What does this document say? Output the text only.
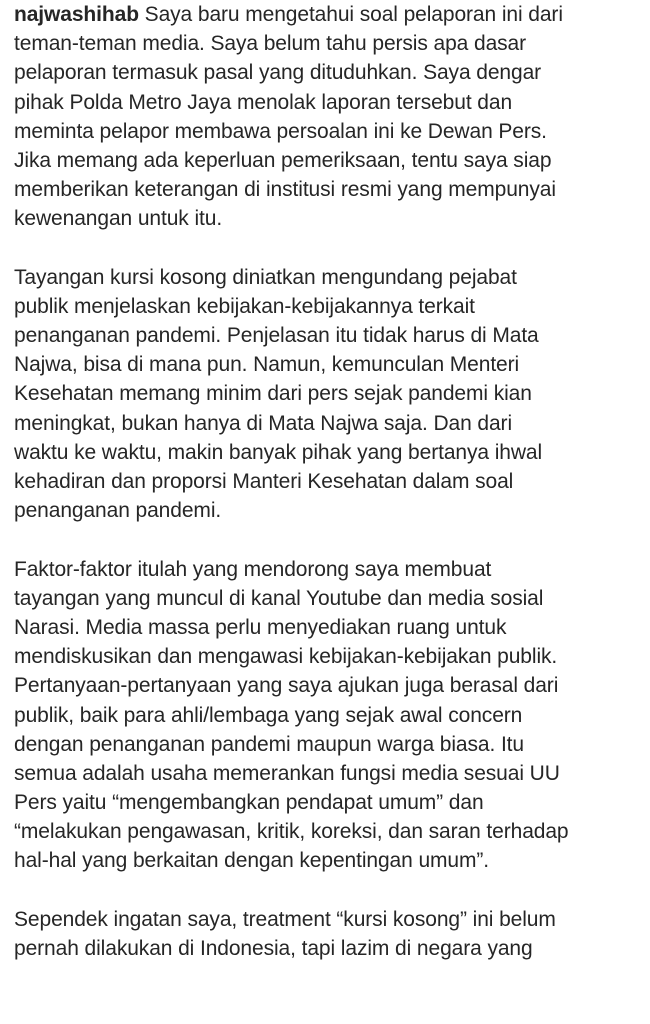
najwashihab Saya baru mengetahui soal pelaporan ini dari
teman-teman media. Saya belum tahu persis apa dasar
pelaporan termasuk pasal yang dituduhkan. Saya dengar
pihak Polda Metro Jaya menolak laporan tersebut dan
meminta pelapor membawa persoalan ini ke Dewan Pers.
Jika memang ada keperluan pemeriksaan, tentu saya siap
memberikan keterangan di institusi resmi yang mempunyai
kewenangan untuk itu.
Tayangan kursi kosong diniatkan mengundang pejabat
publik menjelaskan kebijakan-kebijakannya terkait
penanganan pandemi. Penjelasan itu tidak harus di Mata
Najwa, bisa di mana pun. Namun, kemunculan Menteri
Kesehatan memang minim dari pers sejak pandemi kian
meningkat, bukan hanya di Mata Najwa saja. Dan dari
waktu ke waktu, makin banyak pihak yang bertanya ihwal
kehadiran dan proporsi Manteri Kesehatan dalam soal
penanganan pandemi.
Faktor-faktor itulah yang mendorong saya membuat
tayangan yang muncul di kanal Youtube dan media sosial
Narasi. Media massa perlu menyediakan ruang untuk
mendiskusikan dan mengawasi kebijakan-kebijakan publik.
Pertanyaan-pertanyaan yang saya ajukan juga berasal dari
publik, baik para ahli/lembaga yang sejak awal concern
dengan penanganan pandemi maupun warga biasa. Itu
semua adalah usaha memerankan fungsi media sesuai UU
Pers yaitu “mengembangkan pendapat umum” dan
“melakukan pengawasan, kritik, koreksi, dan saran terhadap
hal-hal yang berkaitan dengan kepentingan umum”.
Sependek ingatan saya, treatment “kursi kosong” ini belum
pernah dilakukan di Indonesia, tapi lazim di negara yang
